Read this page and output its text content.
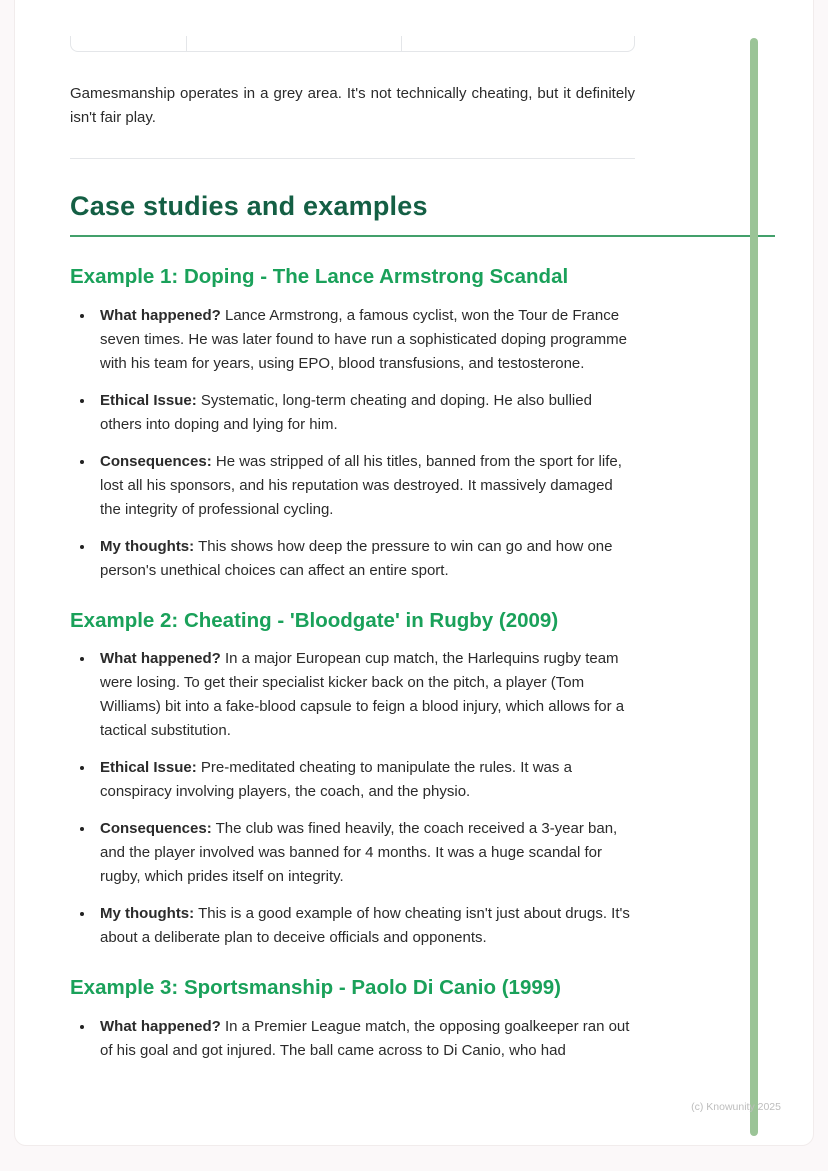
Gamesmanship operates in a grey area. It's not technically cheating, but it definitely isn't fair play.

Case studies and examples
Example 1: Doping - The Lance Armstrong Scandal
• What happened? Lance Armstrong, a famous cyclist, won the Tour de France seven times. He was later found to have run a sophisticated doping programme with his team for years, using EPO, blood transfusions, and testosterone.
• Ethical Issue: Systematic, long-term cheating and doping. He also bullied others into doping and lying for him.
• Consequences: He was stripped of all his titles, banned from the sport for life, lost all his sponsors, and his reputation was destroyed. It massively damaged the integrity of professional cycling.
• My thoughts: This shows how deep the pressure to win can go and how one person's unethical choices can affect an entire sport.
Example 2: Cheating - 'Bloodgate' in Rugby (2009)
• What happened? In a major European cup match, the Harlequins rugby team were losing. To get their specialist kicker back on the pitch, a player (Tom Williams) bit into a fake-blood capsule to feign a blood injury, which allows for a tactical substitution.
• Ethical Issue: Pre-meditated cheating to manipulate the rules. It was a conspiracy involving players, the coach, and the physio.
• Consequences: The club was fined heavily, the coach received a 3-year ban, and the player involved was banned for 4 months. It was a huge scandal for rugby, which prides itself on integrity.
• My thoughts: This is a good example of how cheating isn't just about drugs. It's about a deliberate plan to deceive officials and opponents.
Example 3: Sportsmanship - Paolo Di Canio (1999)
• What happened? In a Premier League match, the opposing goalkeeper ran out of his goal and got injured. The ball came across to Di Canio, who had
(c) Knowunity 2025
